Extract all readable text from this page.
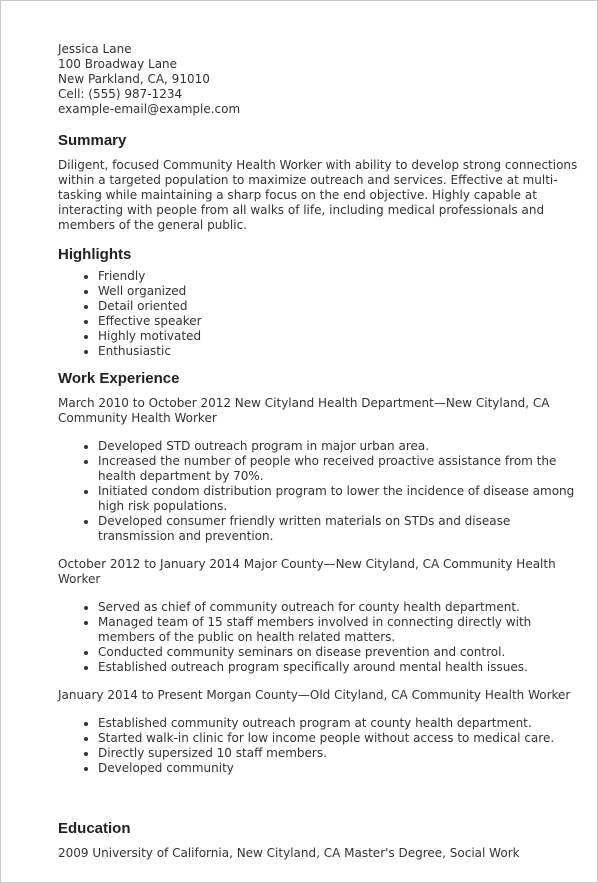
Jessica Lane
100 Broadway Lane
New Parkland, CA, 91010
Cell: (555) 987-1234
example-email@example.com
Summary

Diligent, focused Community Health Worker with ability to develop strong connections within a targeted population to maximize outreach and services. Effective at multi-tasking while maintaining a sharp focus on the end objective. Highly capable at interacting with people from all walks of life, including medical professionals and members of the general public.

Highlights
• Friendly
• Well organized
• Detail oriented
• Effective speaker
• Highly motivated
• Enthusiastic
Work Experience

March 2010 to October 2012 New Cityland Health Department—New Cityland, CA Community Health Worker

• Developed STD outreach program in major urban area.
• Increased the number of people who received proactive assistance from the health department by 70%.
• Initiated condom distribution program to lower the incidence of disease among high risk populations.
• Developed consumer friendly written materials on STDs and disease transmission and prevention.

October 2012 to January 2014 Major County—New Cityland, CA Community Health Worker

• Served as chief of community outreach for county health department.
• Managed team of 15 staff members involved in connecting directly with members of the public on health related matters.
• Conducted community seminars on disease prevention and control.
• Established outreach program specifically around mental health issues.

January 2014 to Present Morgan County—Old Cityland, CA Community Health Worker

• Established community outreach program at county health department.
• Started walk-in clinic for low income people without access to medical care.
• Directly supersized 10 staff members.
• Developed community
Education

2009 University of California, New Cityland, CA Master's Degree, Social Work
